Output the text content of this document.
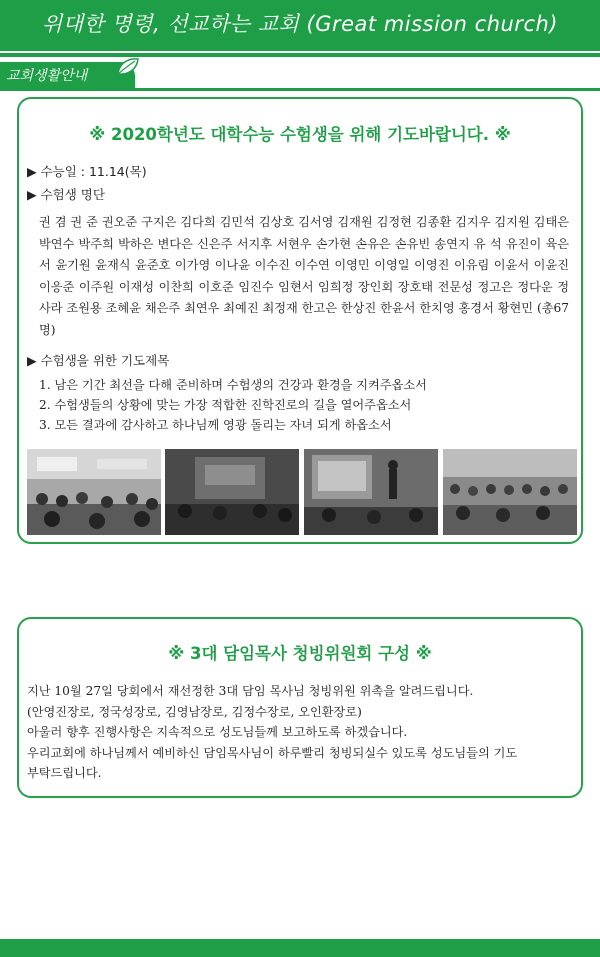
위대한 명령, 선교하는 교회 (Great mission church)
교회생활안내
※ 2020학년도 대학수능 수험생을 위해 기도바랍니다. ※
▶ 수능일 : 11.14(목)
▶ 수험생 명단
권 겸 권 준 권오준 구지은 김다희 김민석 김상호 김서영 김재원 김정현 김종환 김지우 김지원 김태은 박연수 박주희 박하은 변다은 신은주 서지후 서현우 손가현 손유은 손유빈 송연지 유 석 유진이 육은서 윤기원 윤재식 윤준호 이가영 이나윤 이수진 이수연 이영민 이영일 이영진 이유림 이윤서 이윤진 이응준 이주원 이재성 이찬희 이호준 임진수 임현서 임희정 장인회 장호태 전문성 정고은 정다운 정사라 조원용 조혜윤 채은주 최연우 최예진 최정재 한고은 한상진 한윤서 한치영 홍경서 황현민 (총67명)
▶ 수험생을 위한 기도제목
1. 남은 기간 최선을 다해 준비하며 수험생의 건강과 환경을 지켜주옵소서
2. 수험생들의 상황에 맞는 가장 적합한 진학진로의 길을 열어주옵소서
3. 모든 결과에 감사하고 하나님께 영광 돌리는 자녀 되게 하옵소서
※ 3대 담임목사 청빙위원회 구성 ※
지난 10월 27일 당회에서 재선정한 3대 담임 목사님 청빙위원 위촉을 알려드립니다.
(안영진장로, 정국성장로, 김영남장로, 김정수장로, 오인환장로)
아울러 향후 진행사항은 지속적으로 성도님들께 보고하도록 하겠습니다.
우리교회에 하나님께서 예비하신 담임목사님이 하루빨리 청빙되실수 있도록 성도님들의 기도
부탁드립니다.
